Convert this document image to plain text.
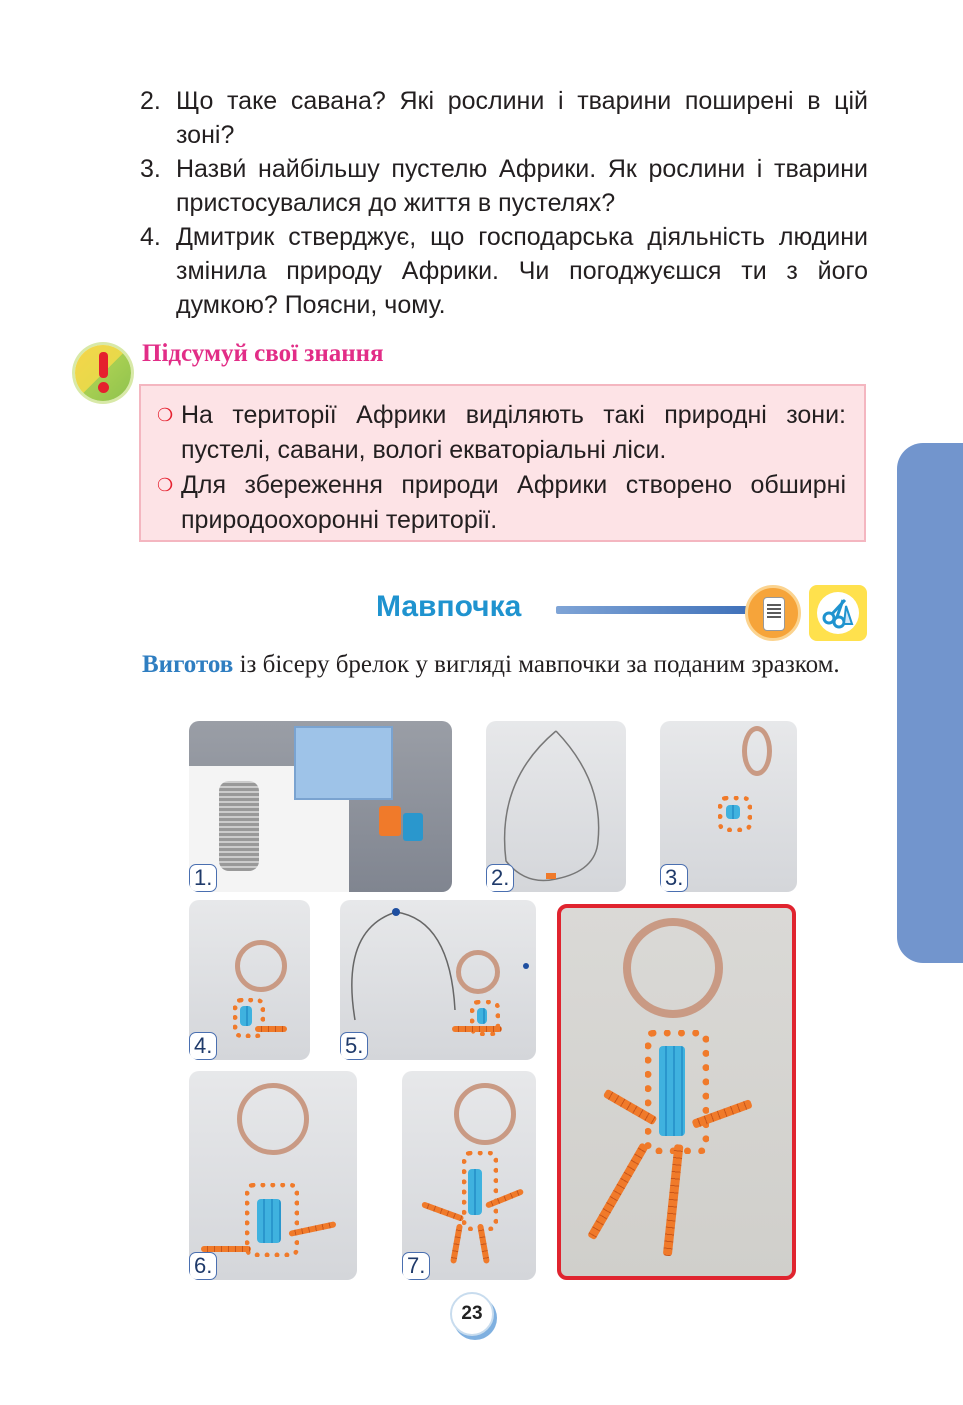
2. Що таке савана? Які рослини і тварини поширені в цій зоні?
3. Назви́ найбільшу пустелю Африки. Як рослини і тварини пристосувалися до життя в пустелях?
4. Дмитрик стверджує, що господарська діяльність людини змінила природу Африки. Чи погоджуєшся ти з його думкою? Поясни, чому.
Підсумуй свої знання
❍ На території Африки виділяють такі природні зони: пустелі, савани, вологі екваторіальні ліси.
❍ Для збереження природи Африки створено обширні природоохоронні території.
Мавпочка
Виготов із бісеру брелок у вигляді мавпочки за поданим зразком.
1.	2.	3.
4.	5.
6.	7.
23
